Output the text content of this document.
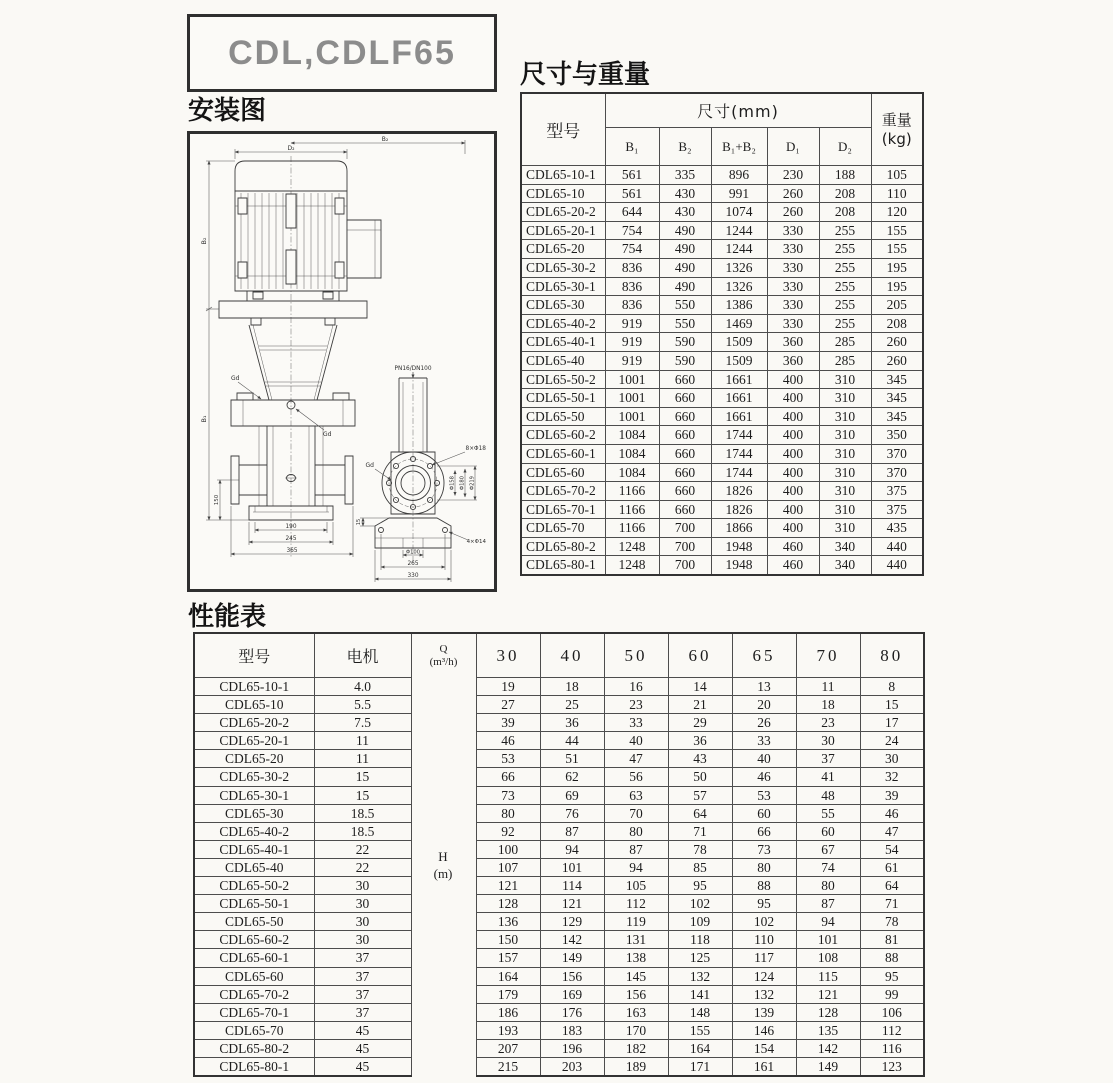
CDL,CDLF65
安装图
尺寸与重量
性能表
B₂
D₂
B₂
B₁
Gd
Gd
150
190
245
365
PN16/DN100
8×Φ18
Gd
Φ158 Φ180 Φ219
15
4×Φ14
Φ100
265
330
型号	尺寸(mm)					重量
(kg)

	B₁	B₂	B₁+B₂	D₁	D₂	
CDL65-10-1	561	335	896	230	188	105
CDL65-10	561	430	991	260	208	110
CDL65-20-2	644	430	1074	260	208	120
CDL65-20-1	754	490	1244	330	255	155
CDL65-20	754	490	1244	330	255	155
CDL65-30-2	836	490	1326	330	255	195
CDL65-30-1	836	490	1326	330	255	195
CDL65-30	836	550	1386	330	255	205
CDL65-40-2	919	550	1469	330	255	208
CDL65-40-1	919	590	1509	360	285	260
CDL65-40	919	590	1509	360	285	260
CDL65-50-2	1001	660	1661	400	310	345
CDL65-50-1	1001	660	1661	400	310	345
CDL65-50	1001	660	1661	400	310	345
CDL65-60-2	1084	660	1744	400	310	350
CDL65-60-1	1084	660	1744	400	310	370
CDL65-60	1084	660	1744	400	310	370
CDL65-70-2	1166	660	1826	400	310	375
CDL65-70-1	1166	660	1826	400	310	375
CDL65-70	1166	700	1866	400	310	435
CDL65-80-2	1248	700	1948	460	340	440
CDL65-80-1	1248	700	1948	460	340	440
型号	电机	Q
(m³/h)	30	40	50	60	65	70	80
CDL65-10-1	4.0		19	18	16	14	13	11	8
CDL65-10	5.5		27	25	23	21	20	18	15
CDL65-20-2	7.5		39	36	33	29	26	23	17
CDL65-20-1	11		46	44	40	36	33	30	24
CDL65-20	11		53	51	47	43	40	37	30
CDL65-30-2	15		66	62	56	50	46	41	32
CDL65-30-1	15		73	69	63	57	53	48	39
CDL65-30	18.5		80	76	70	64	60	55	46
CDL65-40-2	18.5		92	87	80	71	66	60	47
CDL65-40-1	22		100	94	87	78	73	67	54
CDL65-40	22		107	101	94	85	80	74	61
CDL65-50-2	30		121	114	105	95	88	80	64
CDL65-50-1	30		128	121	112	102	95	87	71
CDL65-50	30		136	129	119	109	102	94	78
CDL65-60-2	30		150	142	131	118	110	101	81
CDL65-60-1	37		157	149	138	125	117	108	88
CDL65-60	37		164	156	145	132	124	115	95
CDL65-70-2	37		179	169	156	141	132	121	99
CDL65-70-1	37		186	176	163	148	139	128	106
CDL65-70	45		193	183	170	155	146	135	112
CDL65-80-2	45		207	196	182	164	154	142	116
CDL65-80-1	45		215	203	189	171	161	149	123
H
(m)
